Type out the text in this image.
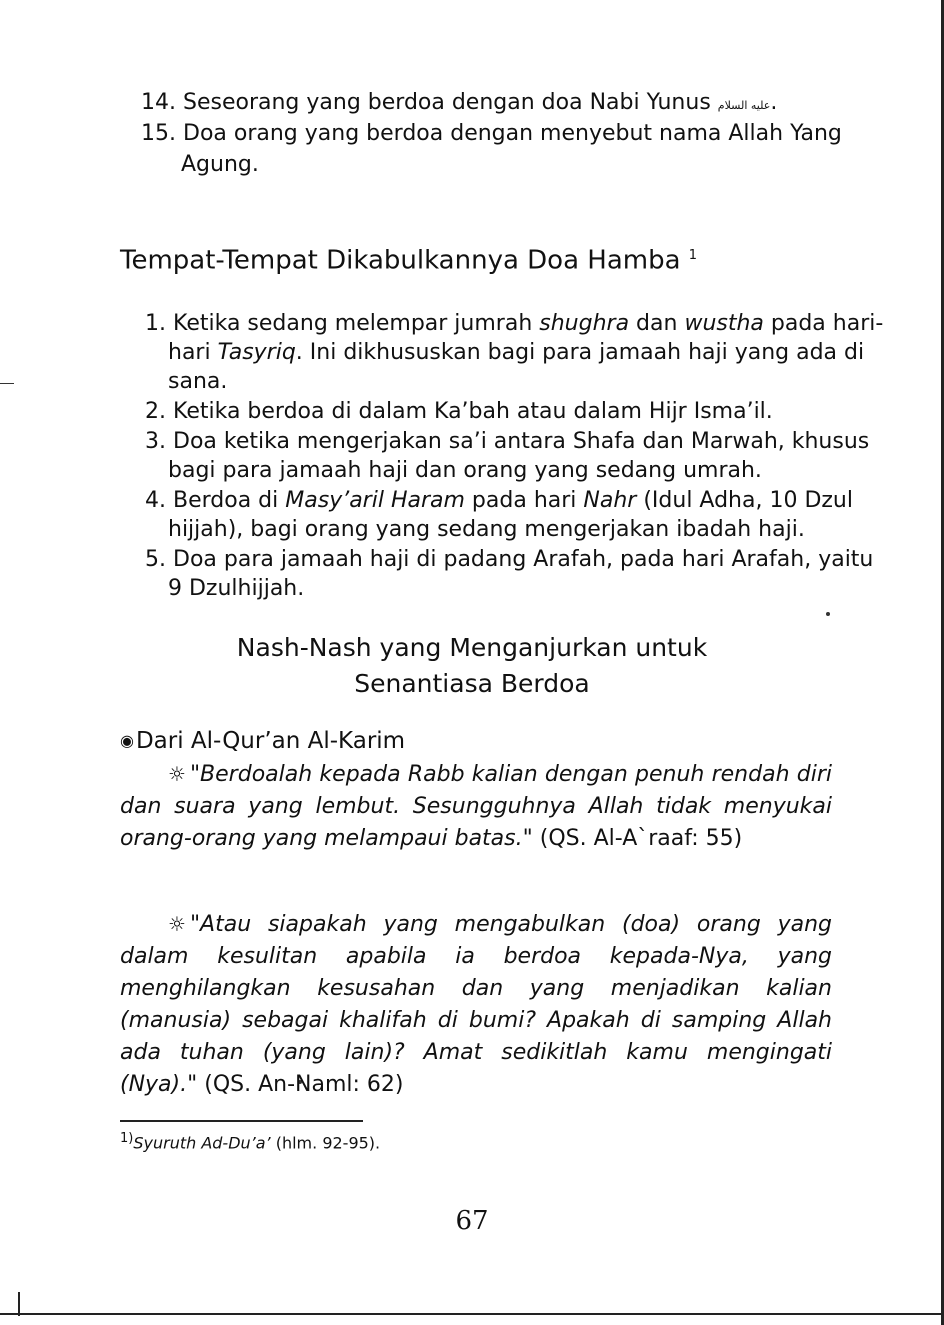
14. Seseorang yang berdoa dengan doa Nabi Yunus عليه السلام.
15. Doa orang yang berdoa dengan menyebut nama Allah Yang
Agung.
Tempat-Tempat Dikabulkannya Doa Hamba $^1$
1. Ketika sedang melempar jumrah shughra dan wustha pada hari-
hari Tasyriq. Ini dikhususkan bagi para jamaah haji yang ada di
sana.
2. Ketika berdoa di dalam Ka’bah atau dalam Hijr Isma’il.
3. Doa ketika mengerjakan sa’i antara Shafa dan Marwah, khusus
bagi para jamaah haji dan orang yang sedang umrah.
4. Berdoa di Masy’aril Haram pada hari Nahr (Idul Adha, 10 Dzul
hijjah), bagi orang yang sedang mengerjakan ibadah haji.
5. Doa para jamaah haji di padang Arafah, pada hari Arafah, yaitu
9 Dzulhijjah.
Nash-Nash yang Menganjurkan untuk
Senantiasa Berdoa
◉Dari Al-Qur’an Al-Karim
☼ "Berdoalah kepada Rabb kalian dengan penuh rendah diri dan suara yang lembut. Sesungguhnya Allah tidak menyukai orang-orang yang melampaui batas." (QS. Al-A`raaf: 55)
☼ "Atau siapakah yang mengabulkan (doa) orang yang dalam kesulitan apabila ia berdoa kepada-Nya, yang menghilangkan kesusahan dan yang menjadikan kalian (manusia) sebagai khalifah di bumi? Apakah di samping Allah ada tuhan (yang lain)? Amat sedikitlah kamu mengingati (Nya)." (QS. An-Naml: 62)
$^{1)}$Syuruth Ad-Du’a’ (hlm. 92-95).
67
